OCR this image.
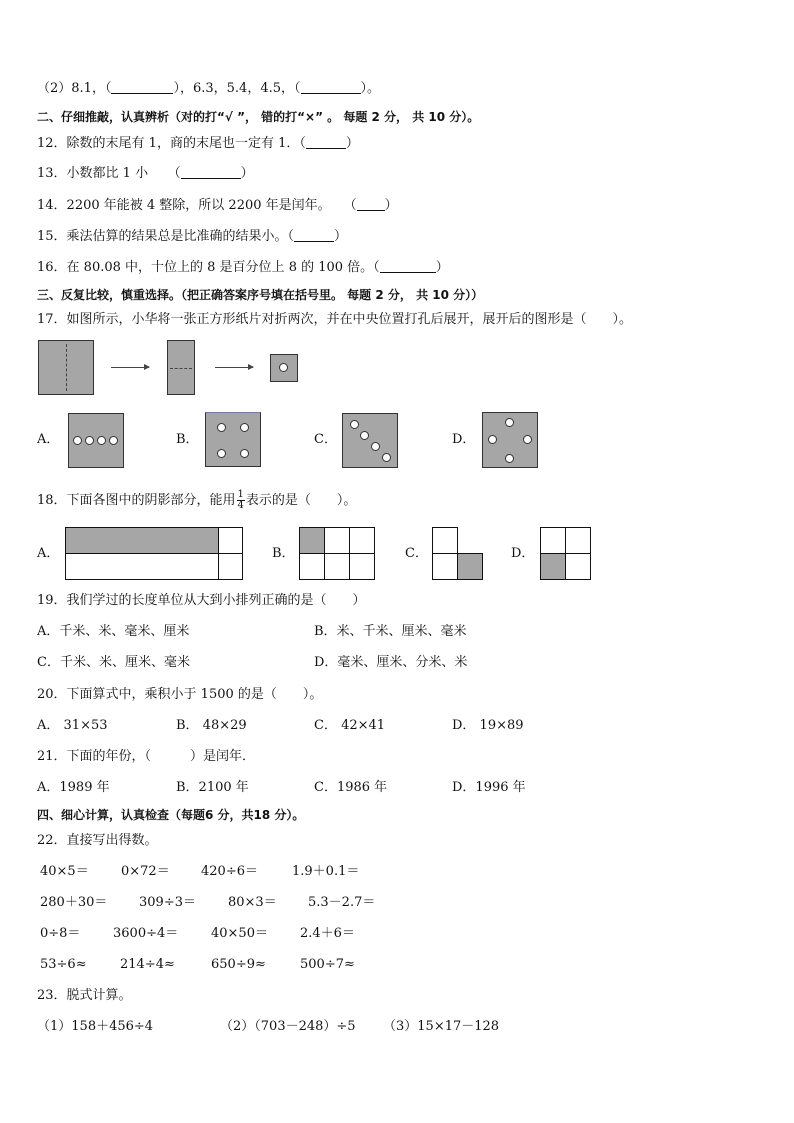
（2）8.1，（	），6.3，5.4，4.5，（	）。
二、仔细推敲，认真辨析（对的打“√ ”， 错的打“×” 。 每题 2 分， 共 10 分）。
12．除数的末尾有 1，商的末尾也一定有 1．（	）
13．小数都比 1 小　　（	）
14．2200 年能被 4 整除，所以 2200 年是闰年。　　（ ）
15．乘法估算的结果总是比准确的结果小。（	）
16．在 80.08 中，十位上的 8 是百分位上 8 的 100 倍。（	）
三、反复比较，慎重选择。（把正确答案序号填在括号里。 每题 2 分， 共 10 分））
17．如图所示，小华将一张正方形纸片对折两次，并在中央位置打孔后展开，展开后的图形是（　　）。
A．	B．	C．	D．
18．下面各图中的阴影部分，能用 $\frac{1}{4}$ 表示的是（　　）。
A．	B．	C．	D．
19．我们学过的长度单位从大到小排列正确的是（　　）
A．千米、米、毫米、厘米	B．米、千米、厘米、毫米
C．千米、米、厘米、毫米	D．毫米、厘米、分米、米
20．下面算式中，乘积小于 1500 的是（　　）。
A． 31×53	B． 48×29	C． 42×41	D． 19×89
21．下面的年份，（　　　）是闰年．
A．1989 年	B．2100 年	C．1986 年	D．1996 年
四、细心计算，认真检查（每题6 分，共18 分）。
22．直接写出得数。
40×5＝ 0×72＝ 420÷6＝	1.9＋0.1＝
280＋30＝ 309÷3＝ 80×3＝ 5.3－2.7＝
0÷8＝	3600÷4＝	40×50＝ 2.4＋6＝
53÷6≈	214÷4≈	650÷9≈	500÷7≈
23．脱式计算。
（1）158＋456÷4	（2）（703－248）÷5 （3）15×17－128
